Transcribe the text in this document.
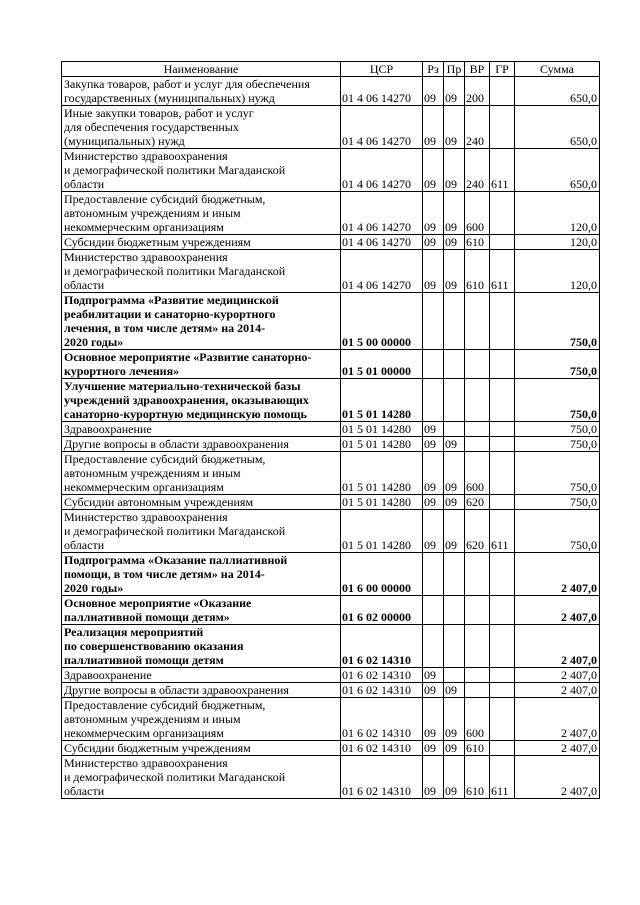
Наименование	ЦСР	Рз	Пр	ВР	ГР	Сумма

Закупка товаров, работ и услуг для обеспечения
государственных (муниципальных) нужд	01 4 06 14270	09	09	200		650,0

Иные закупки товаров, работ и услуг
для обеспечения государственных
(муниципальных) нужд	01 4 06 14270	09	09	240		650,0

Министерство здравоохранения
и демографической политики Магаданской
области	01 4 06 14270	09	09	240	611	650,0

Предоставление субсидий бюджетным,
автономным учреждениям и иным
некоммерческим организациям	01 4 06 14270	09	09	600		120,0

Субсидии бюджетным учреждениям	01 4 06 14270	09	09	610		120,0

Министерство здравоохранения
и демографической политики Магаданской
области	01 4 06 14270	09	09	610	611	120,0

Подпрограмма «Развитие медицинской
реабилитации и санаторно-курортного
лечения, в том числе детям» на 2014-
2020 годы»	01 5 00 00000					750,0

Основное мероприятие «Развитие санаторно-
курортного лечения»	01 5 01 00000					750,0

Улучшение материально-технической базы
учреждений здравоохранения, оказывающих
санаторно-курортную медицинскую помощь	01 5 01 14280					750,0

Здравоохранение	01 5 01 14280	09				750,0

Другие вопросы в области здравоохранения	01 5 01 14280	09	09			750,0

Предоставление субсидий бюджетным,
автономным учреждениям и иным
некоммерческим организациям	01 5 01 14280	09	09	600		750,0

Субсидии автономным учреждениям	01 5 01 14280	09	09	620		750,0

Министерство здравоохранения
и демографической политики Магаданской
области	01 5 01 14280	09	09	620	611	750,0

Подпрограмма «Оказание паллиативной
помощи, в том числе детям» на 2014-
2020 годы»	01 6 00 00000					2 407,0

Основное мероприятие «Оказание
паллиативной помощи детям»	01 6 02 00000					2 407,0

Реализация мероприятий
по совершенствованию оказания
паллиативной помощи детям	01 6 02 14310					2 407,0

Здравоохранение	01 6 02 14310	09				2 407,0

Другие вопросы в области здравоохранения	01 6 02 14310	09	09			2 407,0

Предоставление субсидий бюджетным,
автономным учреждениям и иным
некоммерческим организациям	01 6 02 14310	09	09	600		2 407,0

Субсидии бюджетным учреждениям	01 6 02 14310	09	09	610		2 407,0

Министерство здравоохранения
и демографической политики Магаданской
области	01 6 02 14310	09	09	610	611	2 407,0
